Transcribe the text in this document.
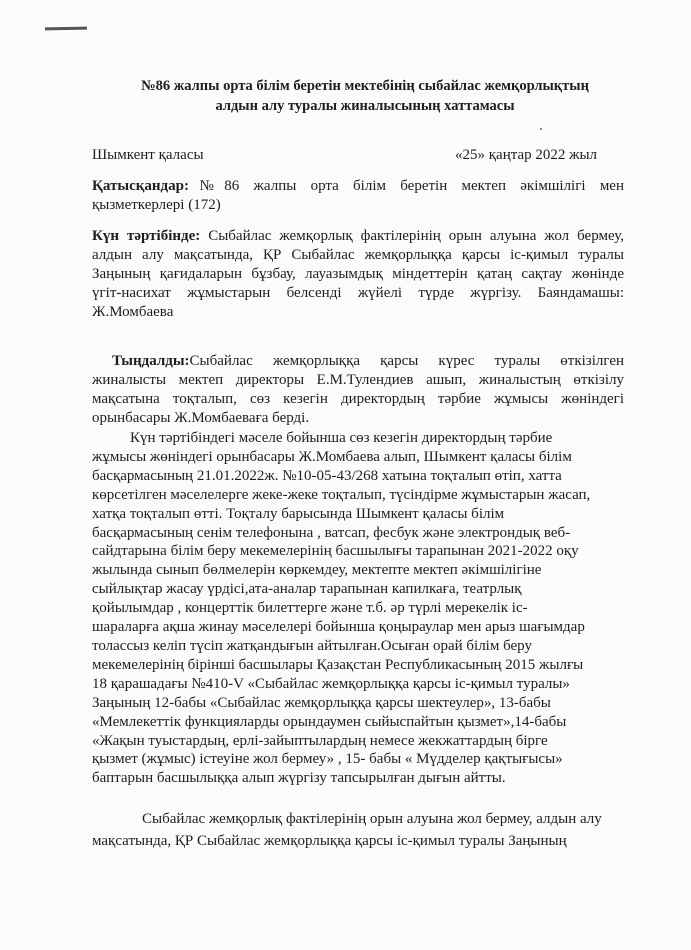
№86 жалпы орта білім беретін мектебінің сыбайлас жемқорлықтың
алдын алу туралы жиналысының хаттамасы
Шымкент қаласы	«25» қаңтар 2022 жыл
Қатысқандар:№86 жалпы орта білім беретін мектеп әкімшілігі мен
қызметкерлері (172)
Күн тәртібінде: Сыбайлас жемқорлық фактілерінің орын алуына жол бермеу,
алдын алу мақсатында, ҚР Сыбайлас жемқорлыққа қарсы іс-қимыл туралы
Заңының қағидаларын бұзбау, лауазымдық міндеттерін қатаң сақтау жөнінде
үгіт-насихат жұмыстарын белсенді жүйелі түрде жүргізу. Баяндамашы:
Ж.Момбаева
Тыңдалды:Сыбайлас жемқорлыққа қарсы күрес туралы өткізілген
жиналысты мектеп директоры Е.М.Тулендиев ашып, жиналыстың өткізілу
мақсатына тоқталып, сөз кезегін директордың тәрбие жұмысы жөніндегі
орынбасары Ж.Момбаеваға берді.
Күн тәртібіндегі мәселе бойынша сөз кезегін директордың тәрбие
жұмысы жөніндегі орынбасары Ж.Момбаева алып, Шымкент қаласы білім
басқармасының 21.01.2022ж. №10-05-43/268 хатына тоқталып өтіп, хатта
көрсетілген мәселелерге жеке-жеке тоқталып, түсіндірме жұмыстарын жасап,
хатқа тоқталып өтті. Тоқталу барысында Шымкент қаласы білім
басқармасының сенім телефонына , ватсап, фесбук және электрондық веб-
сайдтарына білім беру мекемелерінің басшылығы тарапынан 2021-2022 оқу
жылында сынып бөлмелерін көркемдеу, мектепте мектеп әкімшілігіне
сыйлықтар жасау үрдісі,ата-аналар тарапынан капилкаға, театрлық
қойылымдар , концерттік билеттерге және т.б. әр түрлі мерекелік іс-
шараларға ақша жинау мәселелері бойынша қоңыраулар мен арыз шағымдар
толассыз келіп түсіп жатқандығын айтылған.Осыған орай білім беру
мекемелерінің бірінші басшылары Қазақстан Республикасының 2015 жылғы
18 қарашадағы №410-V «Сыбайлас жемқорлыққа қарсы іс-қимыл туралы»
Заңының 12-бабы «Сыбайлас жемқорлыққа қарсы шектеулер», 13-бабы
«Мемлекеттік функцияларды орындаумен сыйыспайтын қызмет»,14-бабы
«Жақын туыстардың, ерлі-зайыптылардың немесе жекжаттардың бірге
қызмет (жұмыс) істеуіне жол бермеу» , 15- бабы « Мүдделер қақтығысы»
баптарын басшылыққа алып жүргізу тапсырылған дығын айтты.
Сыбайлас жемқорлық фактілерінің орын алуына жол бермеу, алдын алу
мақсатында, ҚР Сыбайлас жемқорлыққа қарсы іс-қимыл туралы Заңының
